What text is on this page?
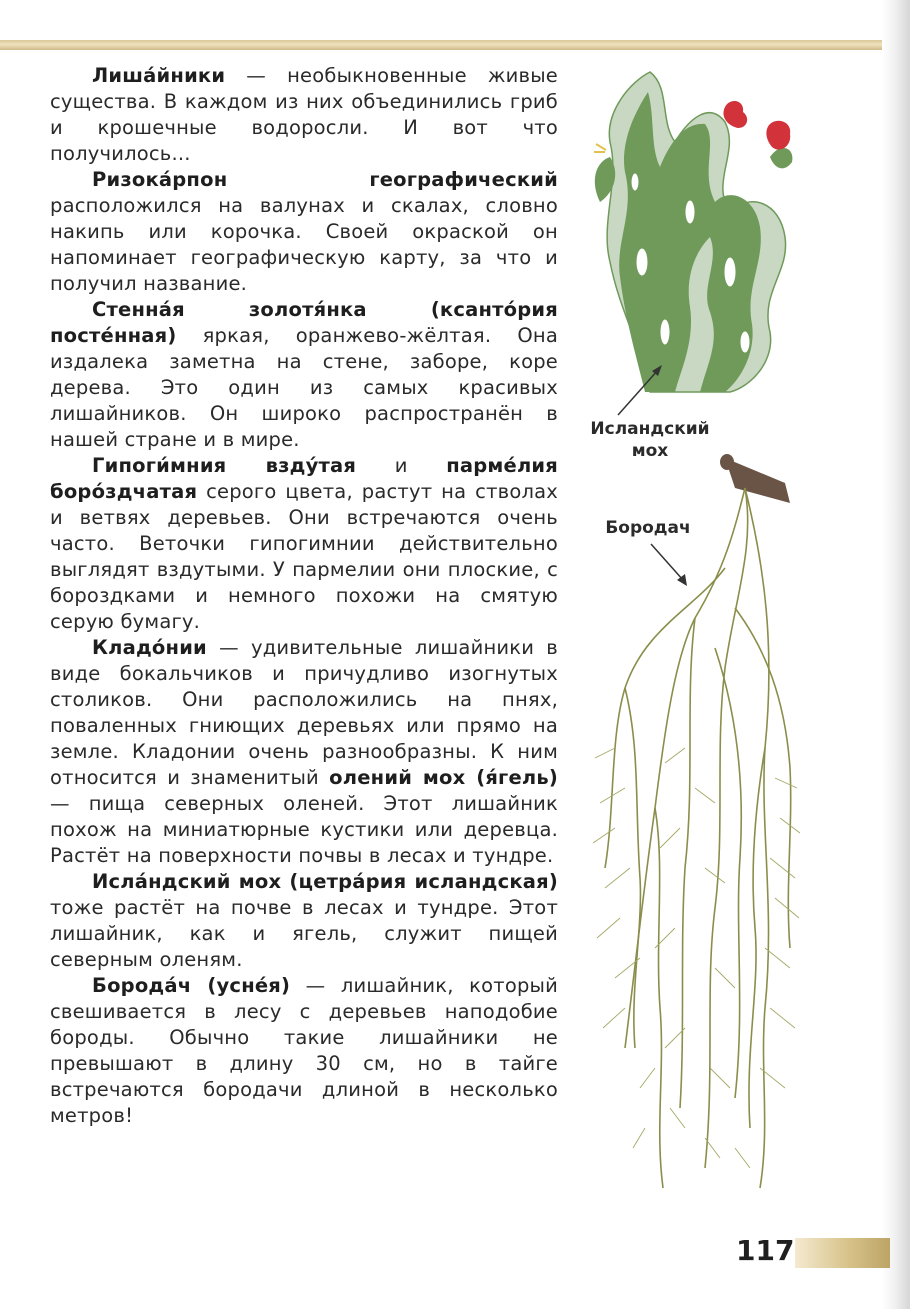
Лиша́йники — необыкновенные живые существа. В каждом из них объединились гриб и крошечные водоросли. И вот что получилось...

Ризока́рпон географический расположился на валунах и скалах, словно накипь или корочка. Своей окраской он напоминает географическую карту, за что и получил название.

Стенна́я золотя́нка (ксанто́рия посте́нная) яркая, оранжево-жёлтая. Она издалека заметна на стене, заборе, коре дерева. Это один из самых красивых лишайников. Он широко распространён в нашей стране и в мире.

Гипоги́мния взду́тая и парме́лия боро́здчатая серого цвета, растут на стволах и ветвях деревьев. Они встречаются очень часто. Веточки гипогимнии действительно выглядят вздутыми. У пармелии они плоские, с бороздками и немного похожи на смятую серую бумагу.

Кладо́нии — удивительные лишайники в виде бокальчиков и причудливо изогнутых столиков. Они расположились на пнях, поваленных гниющих деревьях или прямо на земле. Кладонии очень разнообразны. К ним относится и знаменитый олений мох (я́гель) — пища северных оленей. Этот лишайник похож на миниатюрные кустики или деревца. Растёт на поверхности почвы в лесах и тундре.

Исла́ндский мох (цетра́рия исландская) тоже растёт на почве в лесах и тундре. Этот лишайник, как и ягель, служит пищей северным оленям.

Борода́ч (усне́я) — лишайник, который свешивается в лесу с деревьев наподобие бороды. Обычно такие лишайники не превышают в длину 30 см, но в тайге встречаются бородачи длиной в несколько метров!

Исландский
мох
Бородач
117
